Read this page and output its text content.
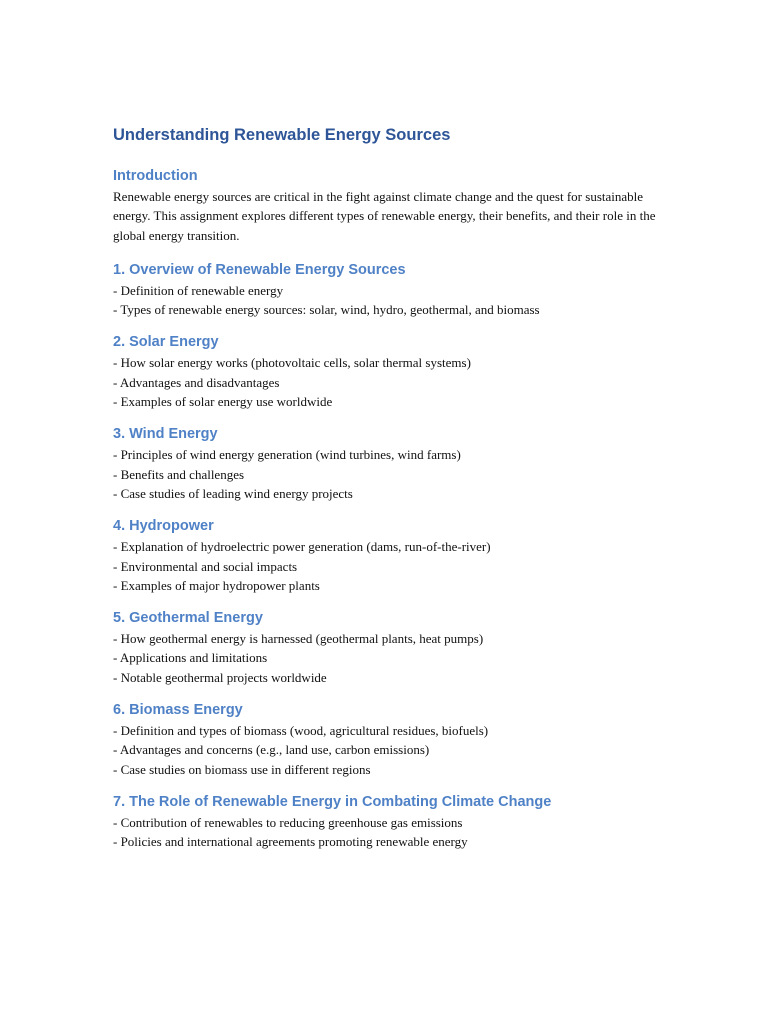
Understanding Renewable Energy Sources
Introduction

Renewable energy sources are critical in the fight against climate change and the quest for sustainable energy. This assignment explores different types of renewable energy, their benefits, and their role in the global energy transition.

1. Overview of Renewable Energy Sources
- Definition of renewable energy
- Types of renewable energy sources: solar, wind, hydro, geothermal, and biomass
2. Solar Energy
- How solar energy works (photovoltaic cells, solar thermal systems)
- Advantages and disadvantages
- Examples of solar energy use worldwide
3. Wind Energy
- Principles of wind energy generation (wind turbines, wind farms)
- Benefits and challenges
- Case studies of leading wind energy projects
4. Hydropower
- Explanation of hydroelectric power generation (dams, run-of-the-river)
- Environmental and social impacts
- Examples of major hydropower plants
5. Geothermal Energy
- How geothermal energy is harnessed (geothermal plants, heat pumps)
- Applications and limitations
- Notable geothermal projects worldwide
6. Biomass Energy
- Definition and types of biomass (wood, agricultural residues, biofuels)
- Advantages and concerns (e.g., land use, carbon emissions)
- Case studies on biomass use in different regions
7. The Role of Renewable Energy in Combating Climate Change
- Contribution of renewables to reducing greenhouse gas emissions
- Policies and international agreements promoting renewable energy
